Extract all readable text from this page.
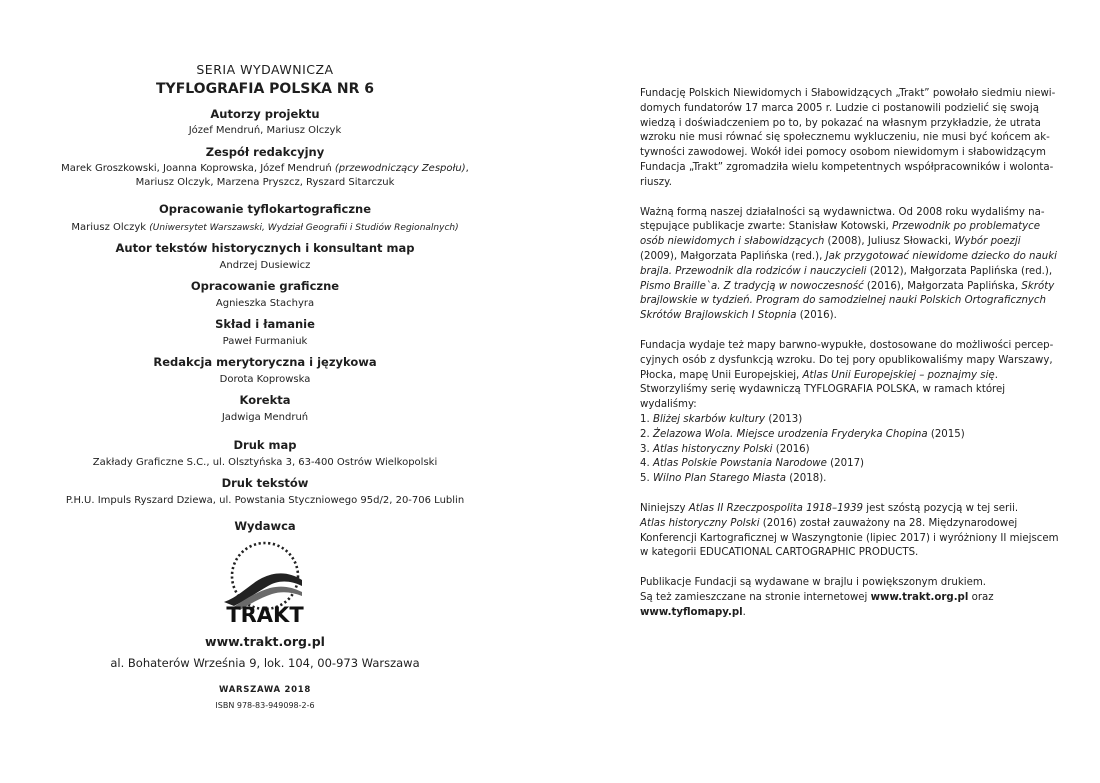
SERIA WYDAWNICZA

TYFLOGRAFIA POLSKA NR 6

Autorzy projektu

Józef Mendruń, Mariusz Olczyk

Zespół redakcyjny

Marek Groszkowski, Joanna Koprowska, Józef Mendruń (przewodniczący Zespołu),

Mariusz Olczyk, Marzena Pryszcz, Ryszard Sitarczuk

Opracowanie tyflokartograficzne

Mariusz Olczyk (Uniwersytet Warszawski, Wydział Geografii i Studiów Regionalnych)

Autor tekstów historycznych i konsultant map

Andrzej Dusiewicz

Opracowanie graficzne

Agnieszka Stachyra

Skład i łamanie

Paweł Furmaniuk

Redakcja merytoryczna i językowa

Dorota Koprowska

Korekta

Jadwiga Mendruń

Druk map

Zakłady Graficzne S.C., ul. Olsztyńska 3, 63-400 Ostrów Wielkopolski

Druk tekstów

P.H.U. Impuls Ryszard Dziewa, ul. Powstania Styczniowego 95d/2, 20-706 Lublin

Wydawca

TRAKT

www.trakt.org.pl

al. Bohaterów Września 9, lok. 104, 00-973 Warszawa

WARSZAWA 2018

ISBN 978-83-949098-2-6

Fundację Polskich Niewidomych i Słabowidzących „Trakt” powołało siedmiu niewi-

domych fundatorów 17 marca 2005 r. Ludzie ci postanowili podzielić się swoją

wiedzą i doświadczeniem po to, by pokazać na własnym przykładzie, że utrata

wzroku nie musi równać się społecznemu wykluczeniu, nie musi być końcem ak-

tywności zawodowej. Wokół idei pomocy osobom niewidomym i słabowidzącym

Fundacja „Trakt” zgromadziła wielu kompetentnych współpracowników i wolonta-

riuszy.

Ważną formą naszej działalności są wydawnictwa. Od 2008 roku wydaliśmy na-

stępujące publikacje zwarte: Stanisław Kotowski, Przewodnik po problematyce

osób niewidomych i słabowidzących (2008), Juliusz Słowacki, Wybór poezji

(2009), Małgorzata Paplińska (red.), Jak przygotować niewidome dziecko do nauki

brajla. Przewodnik dla rodziców i nauczycieli (2012), Małgorzata Paplińska (red.),

Pismo Braille`a. Z tradycją w nowoczesność (2016), Małgorzata Paplińska, Skróty

brajlowskie w tydzień. Program do samodzielnej nauki Polskich Ortograficznych

Skrótów Brajlowskich I Stopnia (2016).

Fundacja wydaje też mapy barwno-wypukłe, dostosowane do możliwości percep-

cyjnych osób z dysfunkcją wzroku. Do tej pory opublikowaliśmy mapy Warszawy,

Płocka, mapę Unii Europejskiej, Atlas Unii Europejskiej – poznajmy się.

Stworzyliśmy serię wydawniczą TYFLOGRAFIA POLSKA, w ramach której

wydaliśmy:

1. Bliżej skarbów kultury (2013)

2. Żelazowa Wola. Miejsce urodzenia Fryderyka Chopina (2015)

3. Atlas historyczny Polski (2016)

4. Atlas Polskie Powstania Narodowe (2017)

5. Wilno Plan Starego Miasta (2018).

Niniejszy Atlas II Rzeczpospolita 1918–1939 jest szóstą pozycją w tej serii.

Atlas historyczny Polski (2016) został zauważony na 28. Międzynarodowej

Konferencji Kartograficznej w Waszyngtonie (lipiec 2017) i wyróżniony II miejscem

w kategorii EDUCATIONAL CARTOGRAPHIC PRODUCTS.

Publikacje Fundacji są wydawane w brajlu i powiększonym drukiem.

Są też zamieszczane na stronie internetowej www.trakt.org.pl oraz

www.tyflomapy.pl.
